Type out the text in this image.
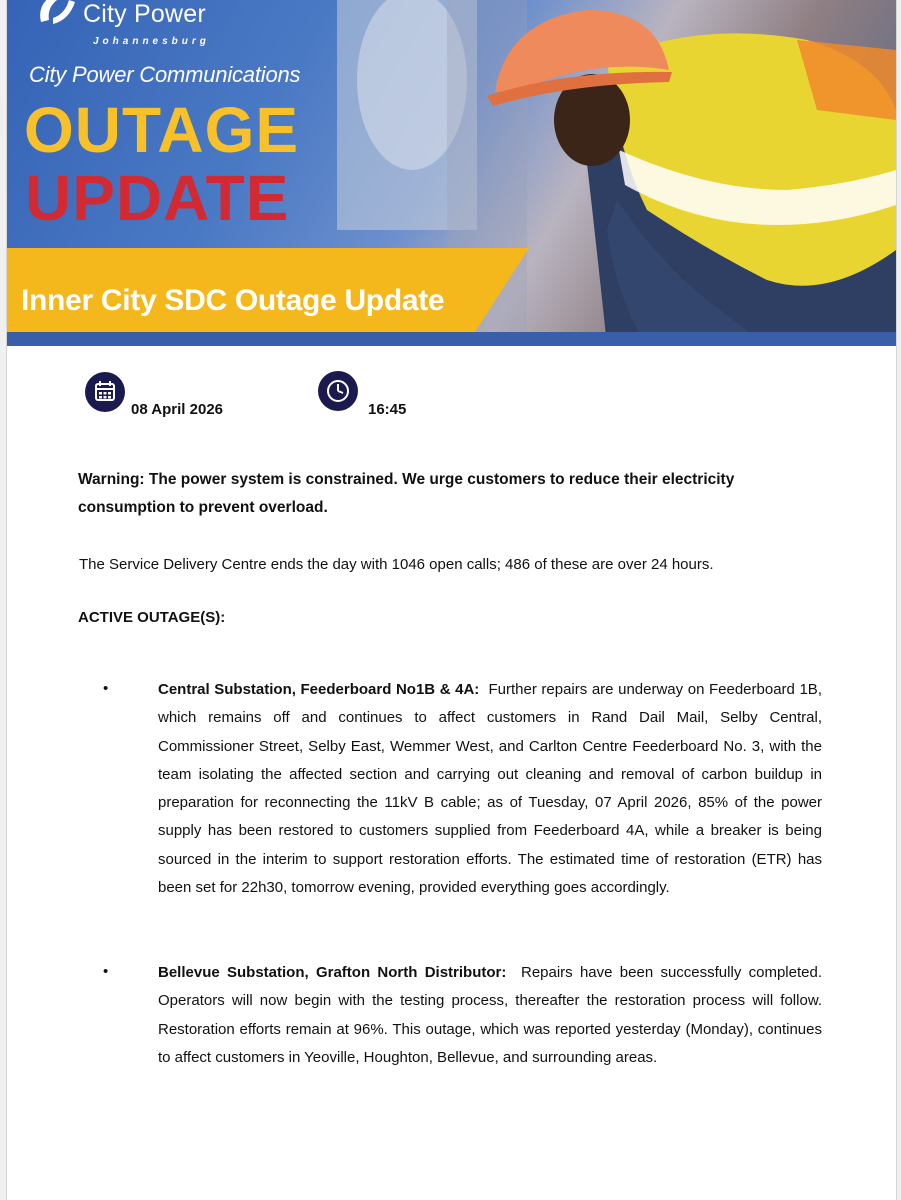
City Power
Johannesburg
City Power Communications
OUTAGE
UPDATE
Inner City SDC Outage Update
08 April 2026	16:45
Warning: The power system is constrained. We urge customers to reduce their electricity consumption to prevent overload.
The Service Delivery Centre ends the day with 1046 open calls; 486 of these are over 24 hours.
ACTIVE OUTAGE(S):
•	Central Substation, Feederboard No1B & 4A: Further repairs are underway on Feederboard 1B, which remains off and continues to affect customers in Rand Dail Mail, Selby Central, Commissioner Street, Selby East, Wemmer West, and Carlton Centre Feederboard No. 3, with the team isolating the affected section and carrying out cleaning and removal of carbon buildup in preparation for reconnecting the 11kV B cable; as of Tuesday, 07 April 2026, 85% of the power supply has been restored to customers supplied from Feederboard 4A, while a breaker is being sourced in the interim to support restoration efforts. The estimated time of restoration (ETR) has been set for 22h30, tomorrow evening, provided everything goes accordingly.
•	Bellevue Substation, Grafton North Distributor: Repairs have been successfully completed. Operators will now begin with the testing process, thereafter the restoration process will follow. Restoration efforts remain at 96%. This outage, which was reported yesterday (Monday), continues to affect customers in Yeoville, Houghton, Bellevue, and surrounding areas.
